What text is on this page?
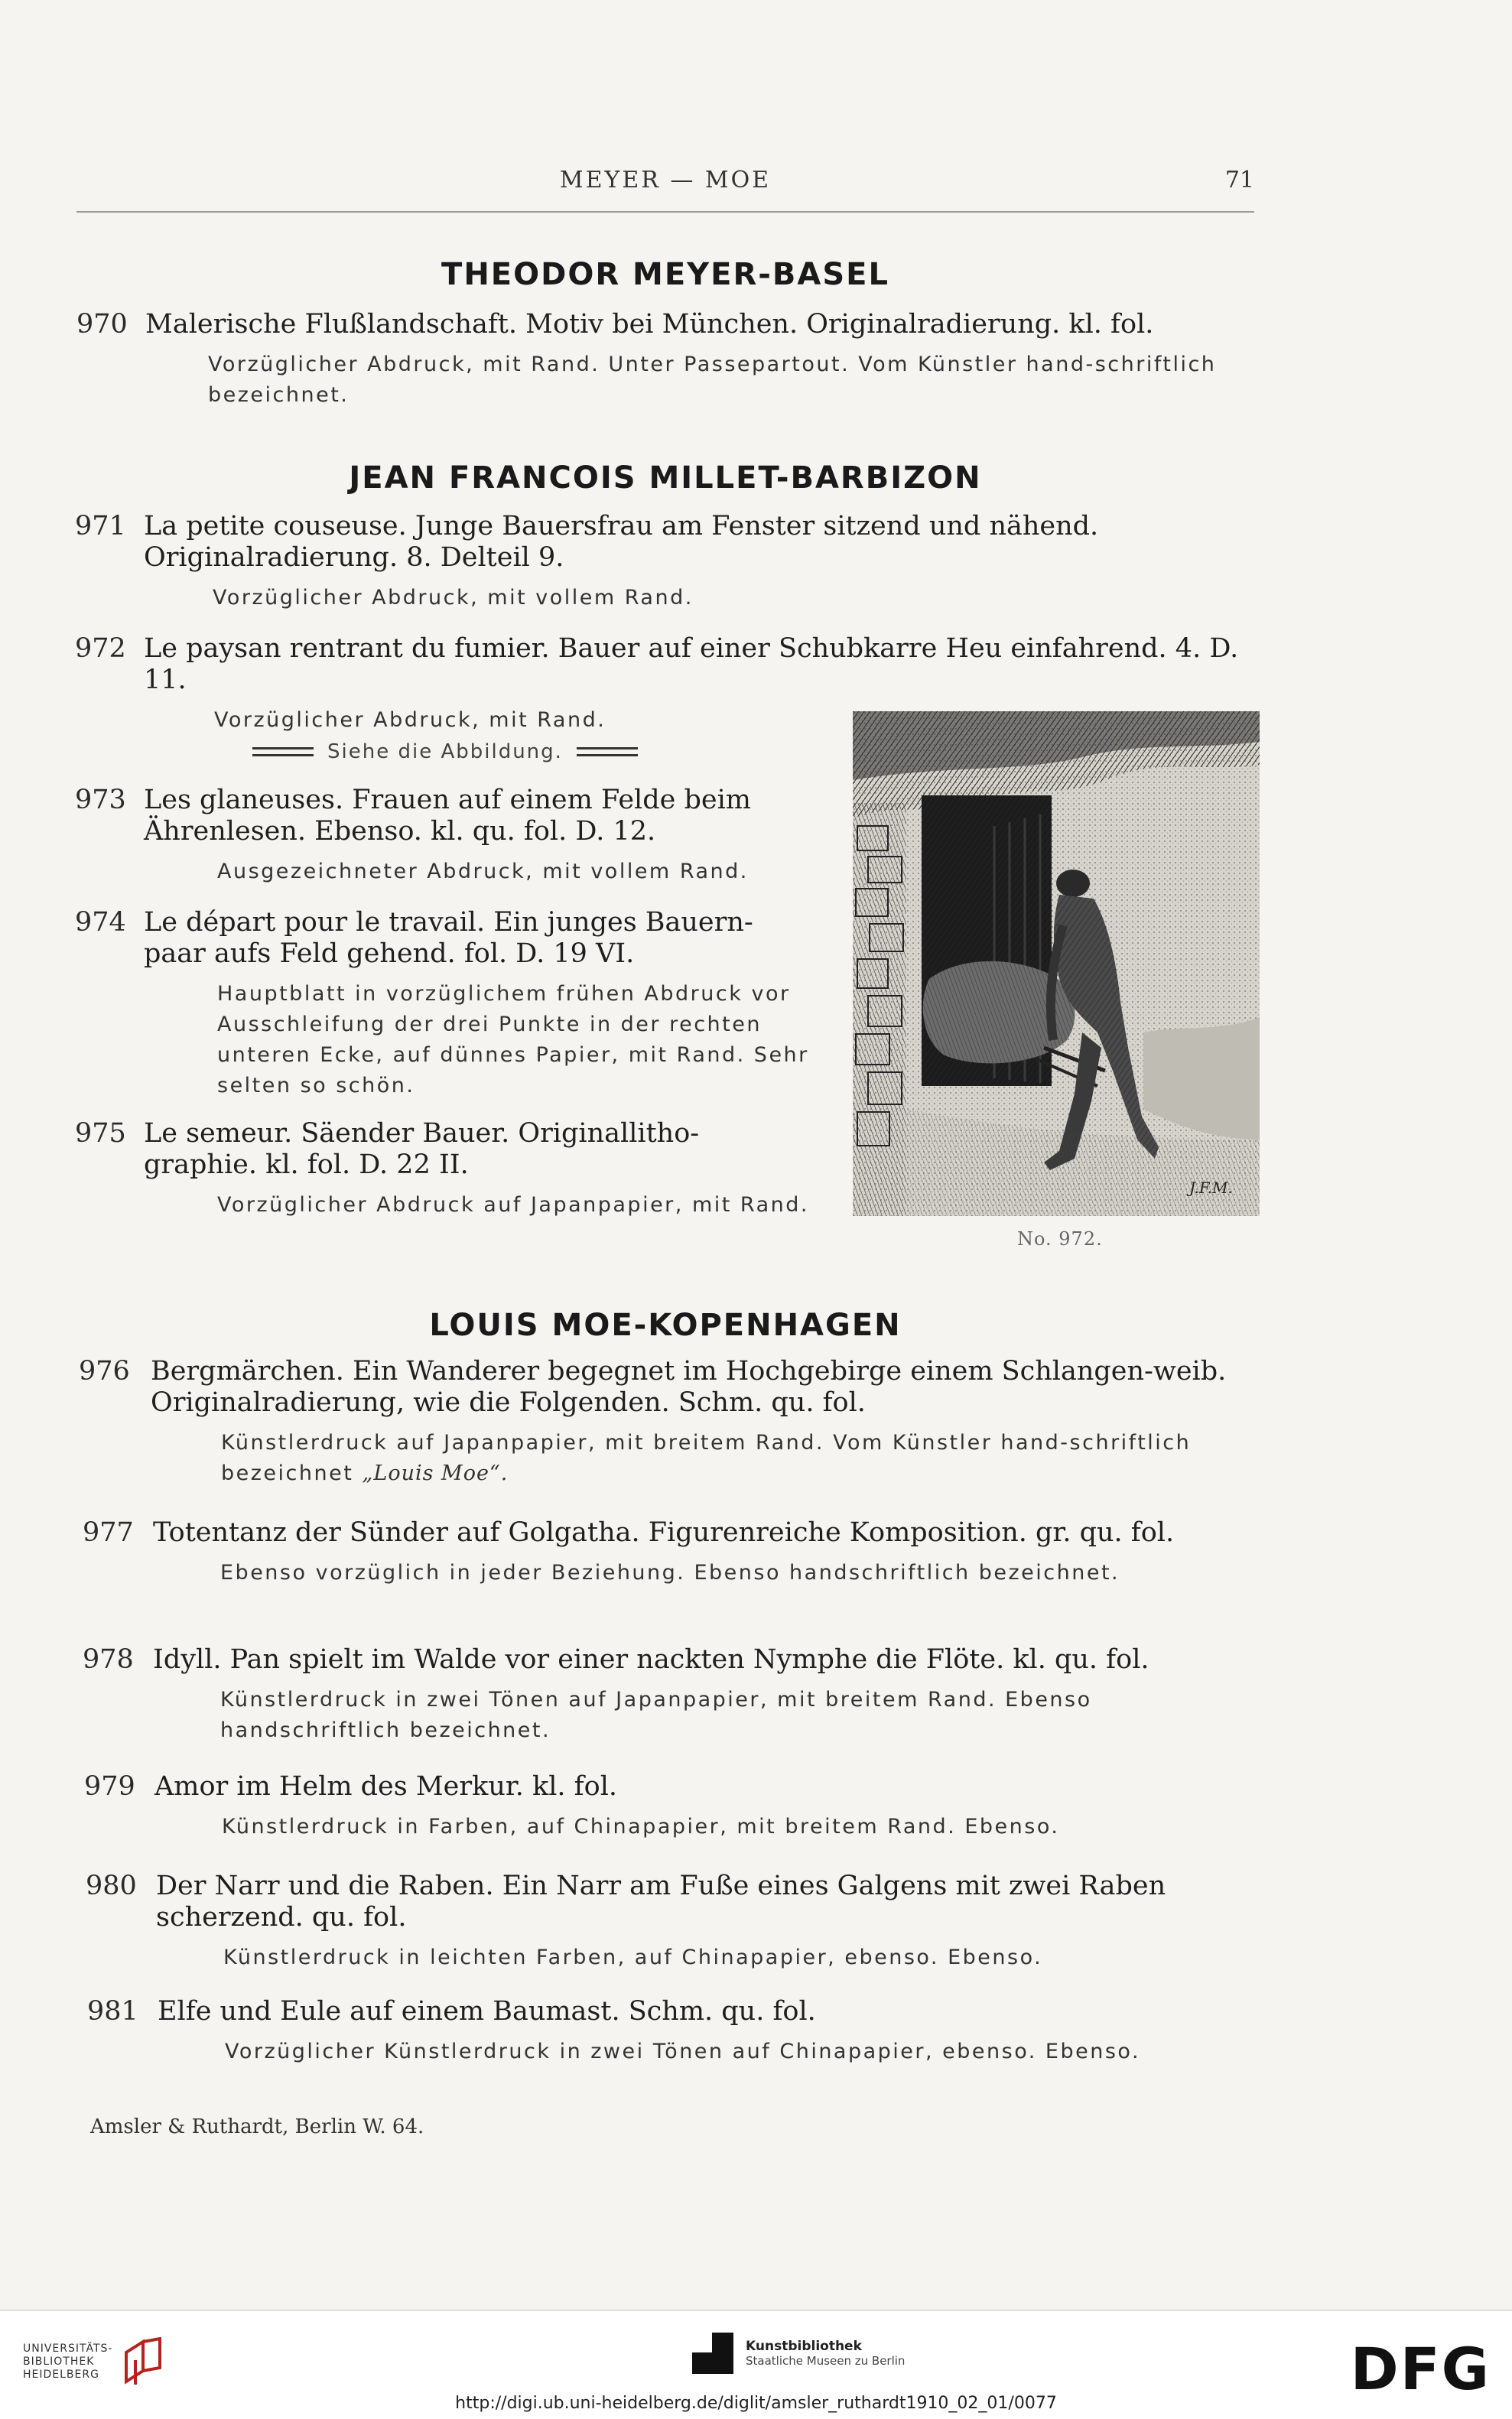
MEYER — MOE	71
THEODOR MEYER-BASEL
970 Malerische Flußlandschaft. Motiv bei München. Originalradierung. kl. fol.
Vorzüglicher Abdruck, mit Rand. Unter Passepartout. Vom Künstler hand-schriftlich bezeichnet.
JEAN FRANCOIS MILLET-BARBIZON
971 La petite couseuse. Junge Bauersfrau am Fenster sitzend und nähend. Originalradierung. 8. Delteil 9.
Vorzüglicher Abdruck, mit vollem Rand.
972 Le paysan rentrant du fumier. Bauer auf einer Schubkarre Heu einfahrend. 4. D. 11.
Vorzüglicher Abdruck, mit Rand.
Siehe die Abbildung.
973 Les glaneuses. Frauen auf einem Felde beim Ährenlesen. Ebenso. kl. qu. fol. D. 12.
Ausgezeichneter Abdruck, mit vollem Rand.
974 Le départ pour le travail. Ein junges Bauern-paar aufs Feld gehend. fol. D. 19 VI.
Hauptblatt in vorzüglichem frühen Abdruck vor Ausschleifung der drei Punkte in der rechten unteren Ecke, auf dünnes Papier, mit Rand. Sehr selten so schön.
975 Le semeur. Säender Bauer. Originallitho-graphie. kl. fol. D. 22 II.
Vorzüglicher Abdruck auf Japanpapier, mit Rand.
J.F.M.
No. 972.
LOUIS MOE-KOPENHAGEN
976 Bergmärchen. Ein Wanderer begegnet im Hochgebirge einem Schlangen-weib. Originalradierung, wie die Folgenden. Schm. qu. fol.
Künstlerdruck auf Japanpapier, mit breitem Rand. Vom Künstler hand-schriftlich bezeichnet „Louis Moe“.
977 Totentanz der Sünder auf Golgatha. Figurenreiche Komposition. gr. qu. fol.
Ebenso vorzüglich in jeder Beziehung. Ebenso handschriftlich bezeichnet.
978 Idyll. Pan spielt im Walde vor einer nackten Nymphe die Flöte. kl. qu. fol.
Künstlerdruck in zwei Tönen auf Japanpapier, mit breitem Rand. Ebenso handschriftlich bezeichnet.
979 Amor im Helm des Merkur. kl. fol.
Künstlerdruck in Farben, auf Chinapapier, mit breitem Rand. Ebenso.
980 Der Narr und die Raben. Ein Narr am Fuße eines Galgens mit zwei Raben scherzend. qu. fol.
Künstlerdruck in leichten Farben, auf Chinapapier, ebenso. Ebenso.
981 Elfe und Eule auf einem Baumast. Schm. qu. fol.
Vorzüglicher Künstlerdruck in zwei Tönen auf Chinapapier, ebenso. Ebenso.
Amsler & Ruthardt, Berlin W. 64.
UNIVERSITÄTS-
BIBLIOTHEK
HEIDELBERG
Kunstbibliothek
Staatliche Museen zu Berlin	DFG
http://digi.ub.uni-heidelberg.de/diglit/amsler_ruthardt1910_02_01/0077
